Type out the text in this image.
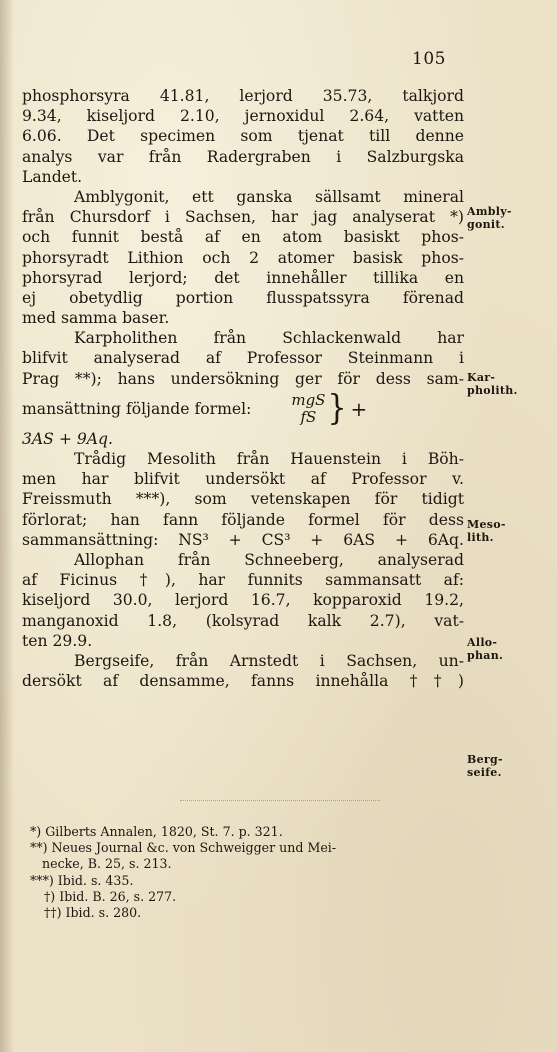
105
phosphorsyra 41.81, lerjord 35.73, talkjord
9.34, kiseljord 2.10, jernoxidul 2.64, vatten
6.06. Det specimen som tjenat till denne
analys var från Radergraben i Salzburgska
Landet.
Amblygonit, ett ganska sällsamt mineral
från Chursdorf i Sachsen, har jag analyserat *)
och funnit bestå af en atom basiskt phos-
phorsyradt Lithion och 2 atomer basisk phos-
phorsyrad lerjord; det innehåller tillika en
ej obetydlig portion flusspatssyra förenad
med samma baser.
Karpholithen från Schlackenwald har
blifvit analyserad af Professor Steinmann i
Prag **); hans undersökning ger för dess sam-
mansättning följande formel:	mgS
fS } +
3AS + 9Aq.
Trådig Mesolith från Hauenstein i Böh-
men har blifvit undersökt af Professor v.
Freissmuth ***), som vetenskapen för tidigt
förlorat; han fann följande formel för dess
sammansättning: NS³ + CS³ + 6AS + 6Aq.
Allophan från Schneeberg, analyserad
af Ficinus †), har funnits sammansatt af:
kiseljord 30.0, lerjord 16.7, kopparoxid 19.2,
manganoxid 1.8, (kolsyrad kalk 2.7), vat-
ten 29.9.
Bergseife, från Arnstedt i Sachsen, un-
dersökt af densamme, fanns innehålla ††)
Ambly-
gonit.
Kar-
pholith.
Meso-
lith.
Allo-
phan.
Berg-
seife.
*) Gilberts Annalen, 1820, St. 7. p. 321.
**) Neues Journal &c. von Schweigger und Mei-
necke, B. 25, s. 213.
***) Ibid. s. 435.
†) Ibid. B. 26, s. 277.
††) Ibid. s. 280.
